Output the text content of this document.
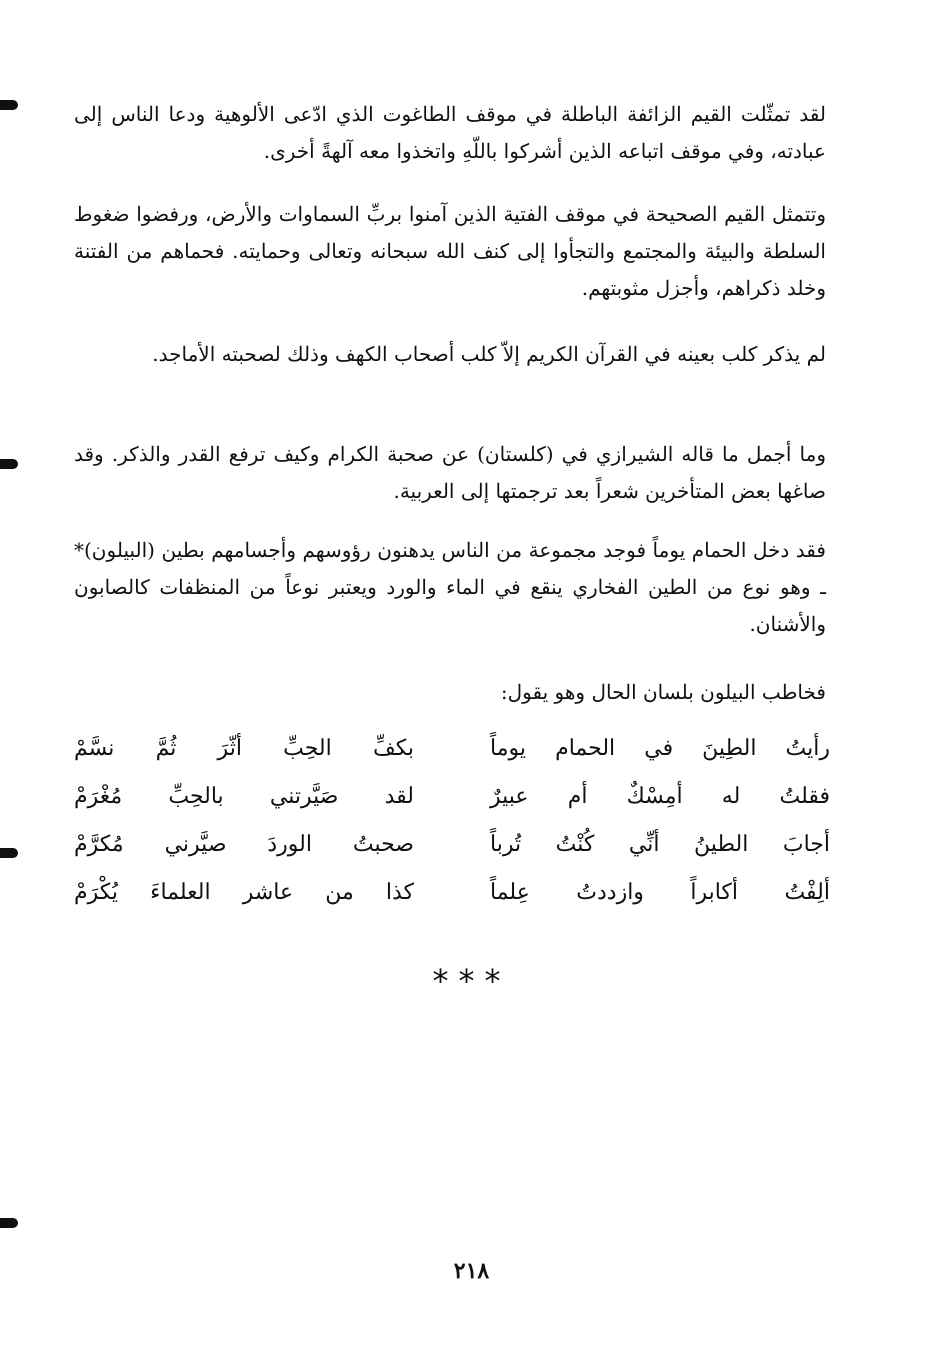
لقد تمثّلت القيم الزائفة الباطلة في موقف الطاغوت الذي ادّعى الألوهية ودعا الناس إلى عبادته، وفي موقف اتباعه الذين أشركوا باللّهِ واتخذوا معه آلهةً أخرى.

وتتمثل القيم الصحيحة في موقف الفتية الذين آمنوا بربِّ السماوات والأرض، ورفضوا ضغوط السلطة والبيئة والمجتمع والتجأوا إلى كنف الله سبحانه وتعالى وحمايته. فحماهم من الفتنة وخلد ذكراهم، وأجزل مثوبتهم.

لم يذكر كلب بعينه في القرآن الكريم إلاّ كلب أصحاب الكهف وذلك لصحبته الأماجد.

وما أجمل ما قاله الشيرازي في (كلستان) عن صحبة الكرام وكيف ترفع القدر والذكر. وقد صاغها بعض المتأخرين شعراً بعد ترجمتها إلى العربية.

فقد دخل الحمام يوماً فوجد مجموعة من الناس يدهنون رؤوسهم وأجسامهم بطين (البيلون)* ـ وهو نوع من الطين الفخاري ينقع في الماء والورد ويعتبر نوعاً من المنظفات كالصابون والأشنان.

فخاطب البيلون بلسان الحال وهو يقول:

رأيتُ الطِينَ في الحمام يوماً
بكفِّ الحِبِّ أثّرَ ثُمَّ نسَّمْ
فقلتُ له أمِسْكٌ أم عبيرٌ
لقد صَيَّرتني بالحِبِّ مُغْرَمْ
أجابَ الطينُ أنِّي كُنْتُ تُرباً
صحبتُ الوردَ صيَّرني مُكرَّمْ
ألِفْتُ أكابراً وازددتُ عِلماً
كذا من عاشر العلماءَ يُكْرَمْ
***
٢١٨
